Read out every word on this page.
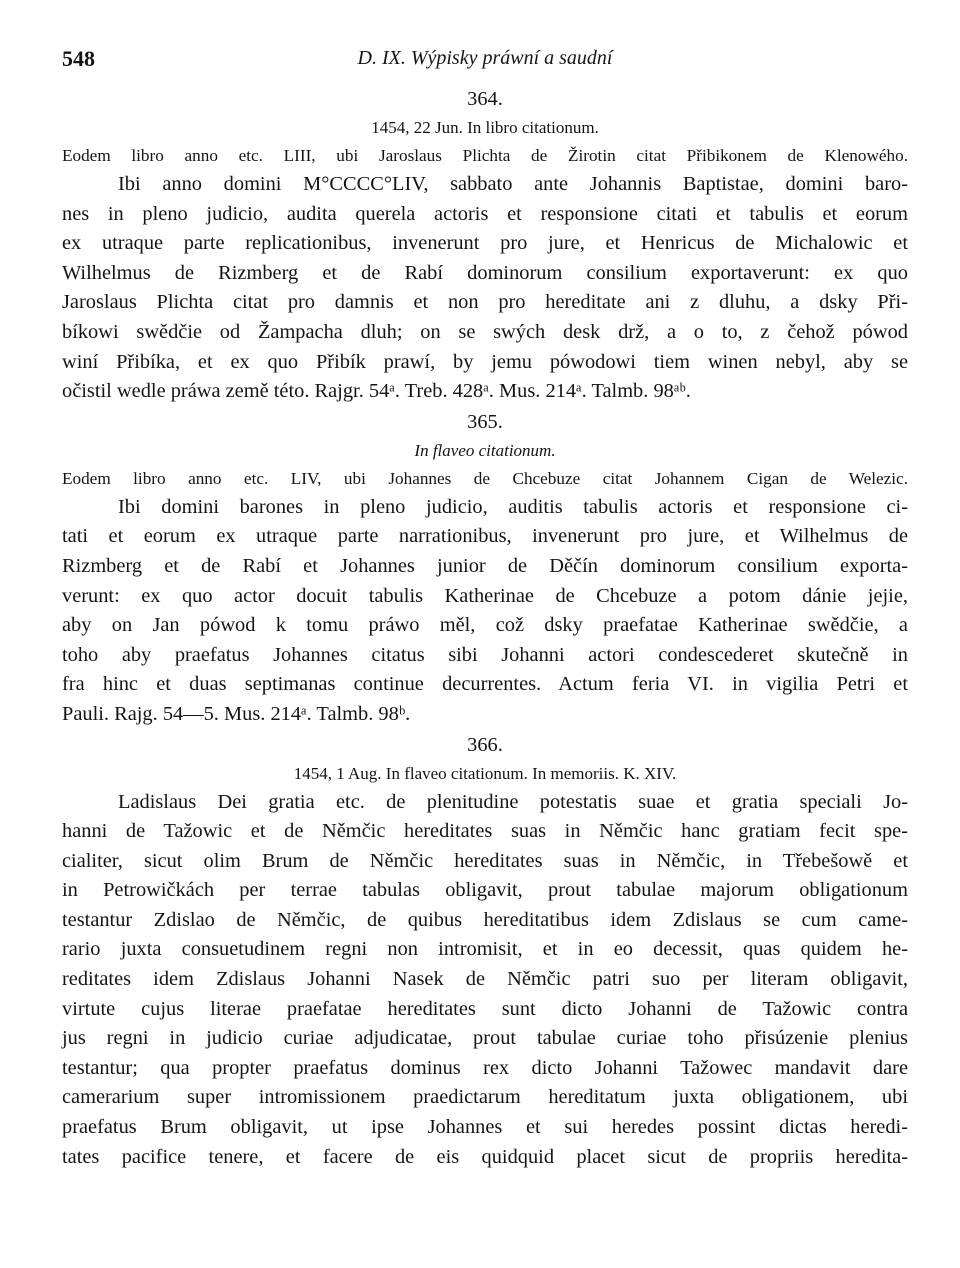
548	D. IX. Wýpisky práwní a saudní
364.
1454, 22 Jun. In libro citationum.
Eodem libro anno etc. LIII, ubi Jaroslaus Plichta de Žirotin citat Přibikonem de Klenowého.
Ibi anno domini M°CCCC°LIV, sabbato ante Johannis Baptistae, domini baro-
nes in pleno judicio, audita querela actoris et responsione citati et tabulis et eorum
ex utraque parte replicationibus, invenerunt pro jure, et Henricus de Michalowic et
Wilhelmus de Rizmberg et de Rabí dominorum consilium exportaverunt: ex quo
Jaroslaus Plichta citat pro damnis et non pro hereditate ani z dluhu, a dsky Při-
bíkowi swědčie od Žampacha dluh; on se swých desk drž, a o to, z čehož pówod
winí Přibíka, et ex quo Přibík prawí, by jemu pówodowi tiem winen nebyl, aby se
očistil wedle práwa země této. Rajgr. 54ᵃ. Treb. 428ᵃ. Mus. 214ᵃ. Talmb. 98ᵃᵇ.
365.
In flaveo citationum.
Eodem libro anno etc. LIV, ubi Johannes de Chcebuze citat Johannem Cigan de Welezic.
Ibi domini barones in pleno judicio, auditis tabulis actoris et responsione ci-
tati et eorum ex utraque parte narrationibus, invenerunt pro jure, et Wilhelmus de
Rizmberg et de Rabí et Johannes junior de Děčín dominorum consilium exporta-
verunt: ex quo actor docuit tabulis Katherinae de Chcebuze a potom dánie jejie,
aby on Jan pówod k tomu práwo měl, což dsky praefatae Katherinae swědčie, a
toho aby praefatus Johannes citatus sibi Johanni actori condescederet skutečně in
fra hinc et duas septimanas continue decurrentes. Actum feria VI. in vigilia Petri et
Pauli. Rajg. 54—5. Mus. 214ᵃ. Talmb. 98ᵇ.
366.
1454, 1 Aug. In flaveo citationum. In memoriis. K. XIV.
Ladislaus Dei gratia etc. de plenitudine potestatis suae et gratia speciali Jo-
hanni de Tažowic et de Němčic hereditates suas in Němčic hanc gratiam fecit spe-
cialiter, sicut olim Brum de Němčic hereditates suas in Němčic, in Třebešowě et
in Petrowičkách per terrae tabulas obligavit, prout tabulae majorum obligationum
testantur Zdislao de Němčic, de quibus hereditatibus idem Zdislaus se cum came-
rario juxta consuetudinem regni non intromisit, et in eo decessit, quas quidem he-
reditates idem Zdislaus Johanni Nasek de Němčic patri suo per literam obligavit,
virtute cujus literae praefatae hereditates sunt dicto Johanni de Tažowic contra
jus regni in judicio curiae adjudicatae, prout tabulae curiae toho přisúzenie plenius
testantur; qua propter praefatus dominus rex dicto Johanni Tažowec mandavit dare
camerarium super intromissionem praedictarum hereditatum juxta obligationem, ubi
praefatus Brum obligavit, ut ipse Johannes et sui heredes possint dictas heredi-
tates pacifice tenere, et facere de eis quidquid placet sicut de propriis heredita-
